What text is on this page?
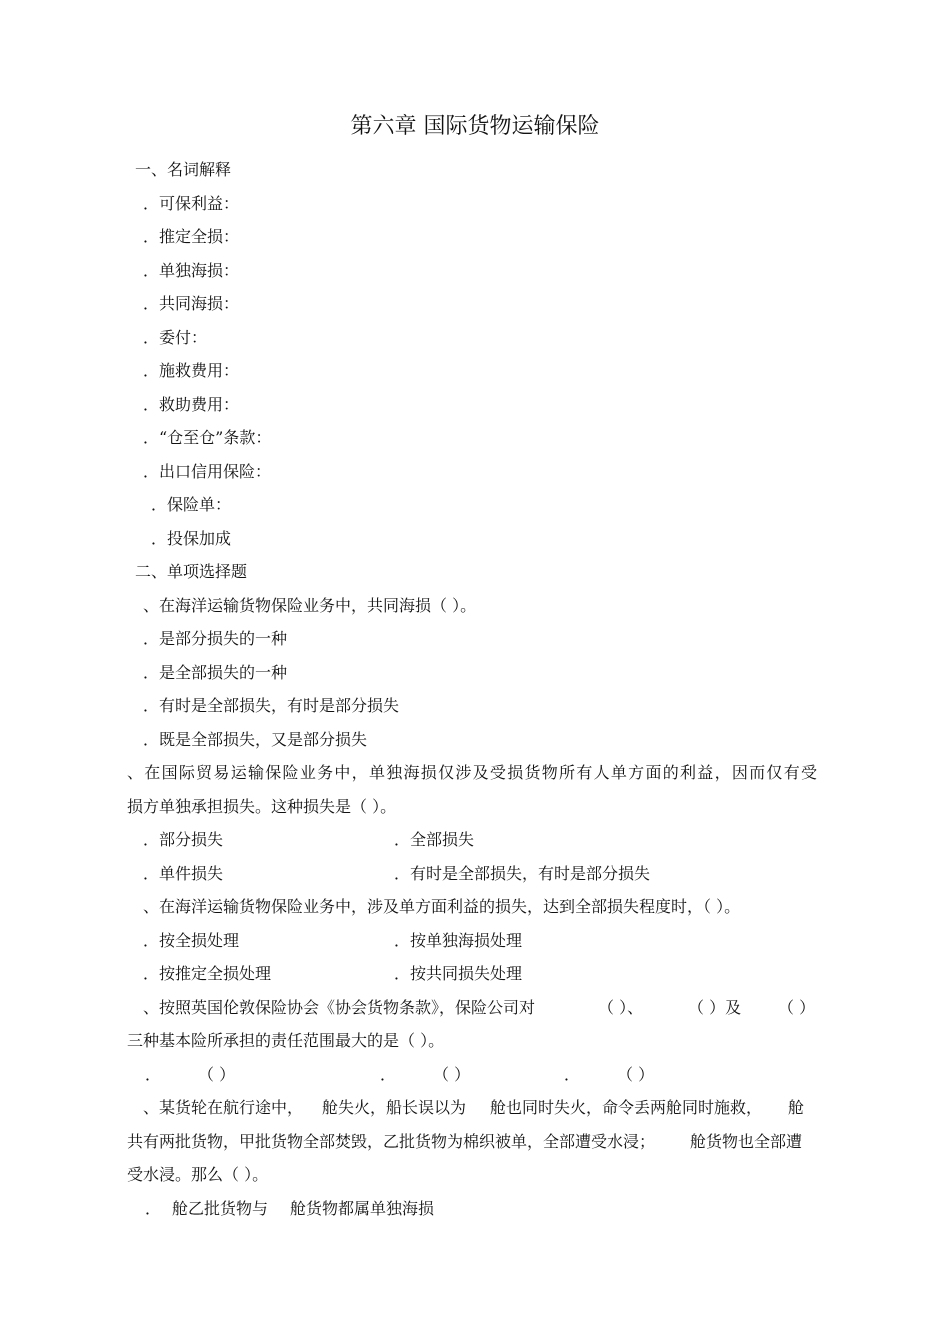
第六章 国际货物运输保险
一、名词解释
．可保利益：
．推定全损：
．单独海损：
．共同海损：
．委付：
．施救费用：
．救助费用：
．“仓至仓”条款：
．出口信用保险：
．保险单：
．投保加成
二、单项选择题
、在海洋运输货物保险业务中，共同海损（ ）。
．是部分损失的一种
．是全部损失的一种
．有时是全部损失，有时是部分损失
．既是全部损失，又是部分损失
、在国际贸易运输保险业务中，单独海损仅涉及受损货物所有人单方面的利益，因而仅有受
损方单独承担损失。这种损失是（ ）。
．部分损失	．全部损失
．单件损失	．有时是全部损失，有时是部分损失
、在海洋运输货物保险业务中，涉及单方面利益的损失，达到全部损失程度时，（ ）。
．按全损处理	．按单独海损处理
．按推定全损处理	．按共同损失处理
、按照英国伦敦保险协会《协会货物条款》，保险公司对	（ ）、	（ ）及 （ ）
三种基本险所承担的责任范围最大的是（ ）。
． （ ）	． （ ）	． （ ）
、某货轮在航行途中， 舱失火，船长误以为 舱也同时失火，命令丢两舱同时施救， 舱
共有两批货物，甲批货物全部焚毁，乙批货物为棉织被单，全部遭受水浸； 舱货物也全部遭
受水浸。那么（ ）。
． 舱乙批货物与 舱货物都属单独海损
